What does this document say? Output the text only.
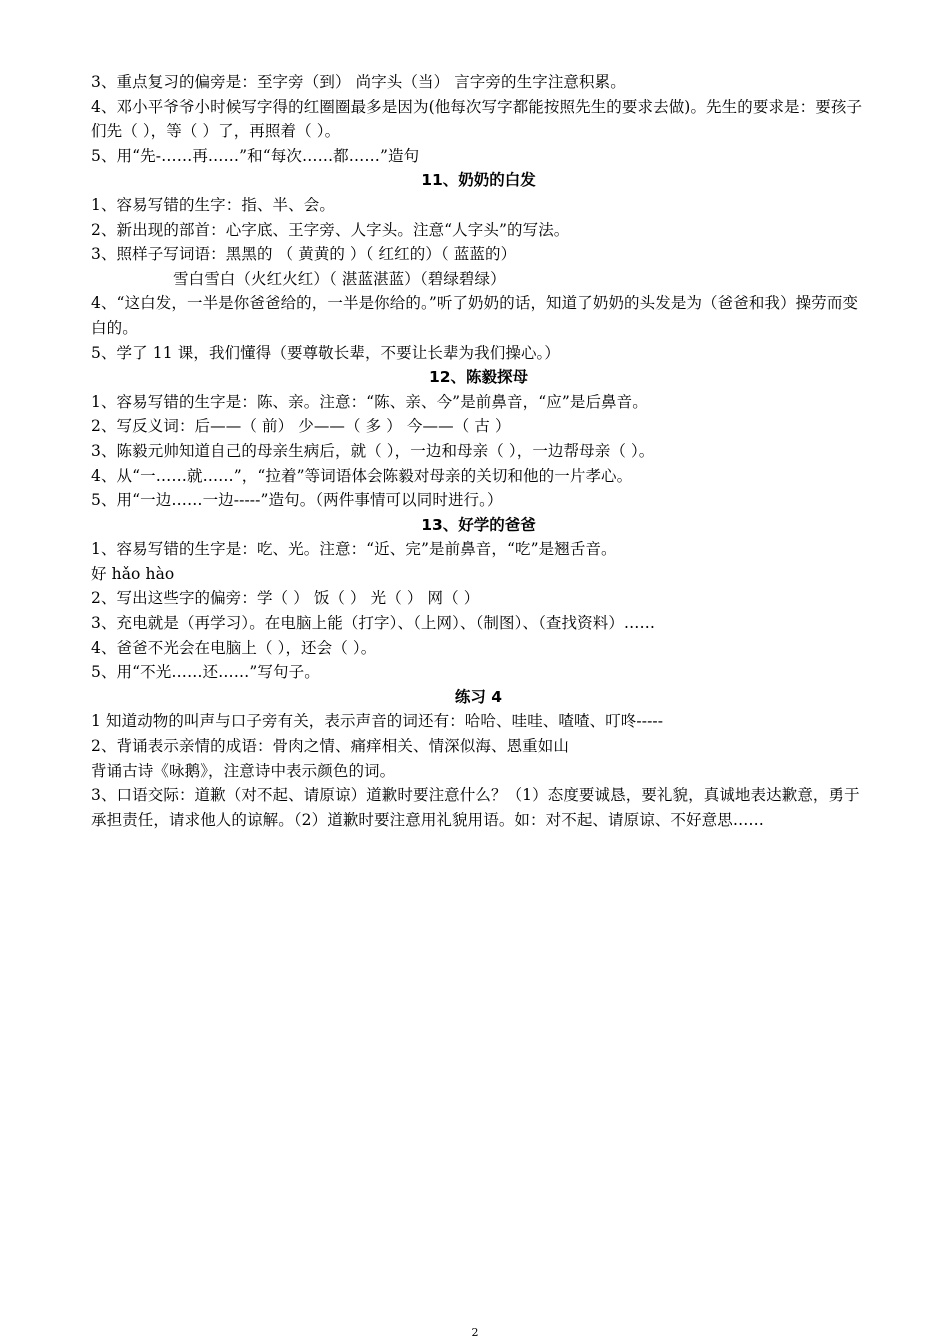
3、重点复习的偏旁是：至字旁（到） 尚字头（当） 言字旁的生字注意积累。
4、邓小平爷爷小时候写字得的红圈圈最多是因为(他每次写字都能按照先生的要求去做)。先生的要求是：要孩子们先（ ），等（ ）了，再照着（ ）。
5、用“先-……再……”和“每次……都……”造句
11、奶奶的白发
1、容易写错的生字：指、半、会。
2、新出现的部首：心字底、王字旁、人字头。注意“人字头”的写法。
3、照样子写词语：黑黑的 （ 黄黄的 ）（ 红红的）（ 蓝蓝的）
雪白雪白（火红火红）（ 湛蓝湛蓝）（碧绿碧绿）
4、“这白发，一半是你爸爸给的，一半是你给的。”听了奶奶的话，知道了奶奶的头发是为（爸爸和我）操劳而变白的。
5、学了 11 课，我们懂得（要尊敬长辈，不要让长辈为我们操心。）
12、陈毅探母
1、容易写错的生字是：陈、亲。注意：“陈、亲、今”是前鼻音，“应”是后鼻音。
2、写反义词：后——（ 前） 少——（ 多 ） 今——（ 古 ）
3、陈毅元帅知道自己的母亲生病后，就（ ），一边和母亲（ ），一边帮母亲（ ）。
4、从“一……就……”，“拉着”等词语体会陈毅对母亲的关切和他的一片孝心。
5、用“一边……一边-----”造句。（两件事情可以同时进行。）
13、好学的爸爸
1、容易写错的生字是：吃、光。注意：“近、完”是前鼻音，“吃”是翘舌音。
好 hǎo hào
2、写出这些字的偏旁：学（ ） 饭（ ） 光（ ） 网（ ）
3、充电就是（再学习）。在电脑上能（打字）、（上网）、（制图）、（查找资料）……
4、爸爸不光会在电脑上（ ），还会（ ）。
5、用“不光……还……”写句子。
练习 4
1 知道动物的叫声与口子旁有关，表示声音的词还有：哈哈、哇哇、喳喳、叮咚-----
2、背诵表示亲情的成语：骨肉之情、痛痒相关、情深似海、恩重如山
背诵古诗《咏鹅》，注意诗中表示颜色的词。
3、口语交际：道歉（对不起、请原谅）道歉时要注意什么？（1）态度要诚恳，要礼貌，真诚地表达歉意，勇于承担责任，请求他人的谅解。（2）道歉时要注意用礼貌用语。如：对不起、请原谅、不好意思……
2
